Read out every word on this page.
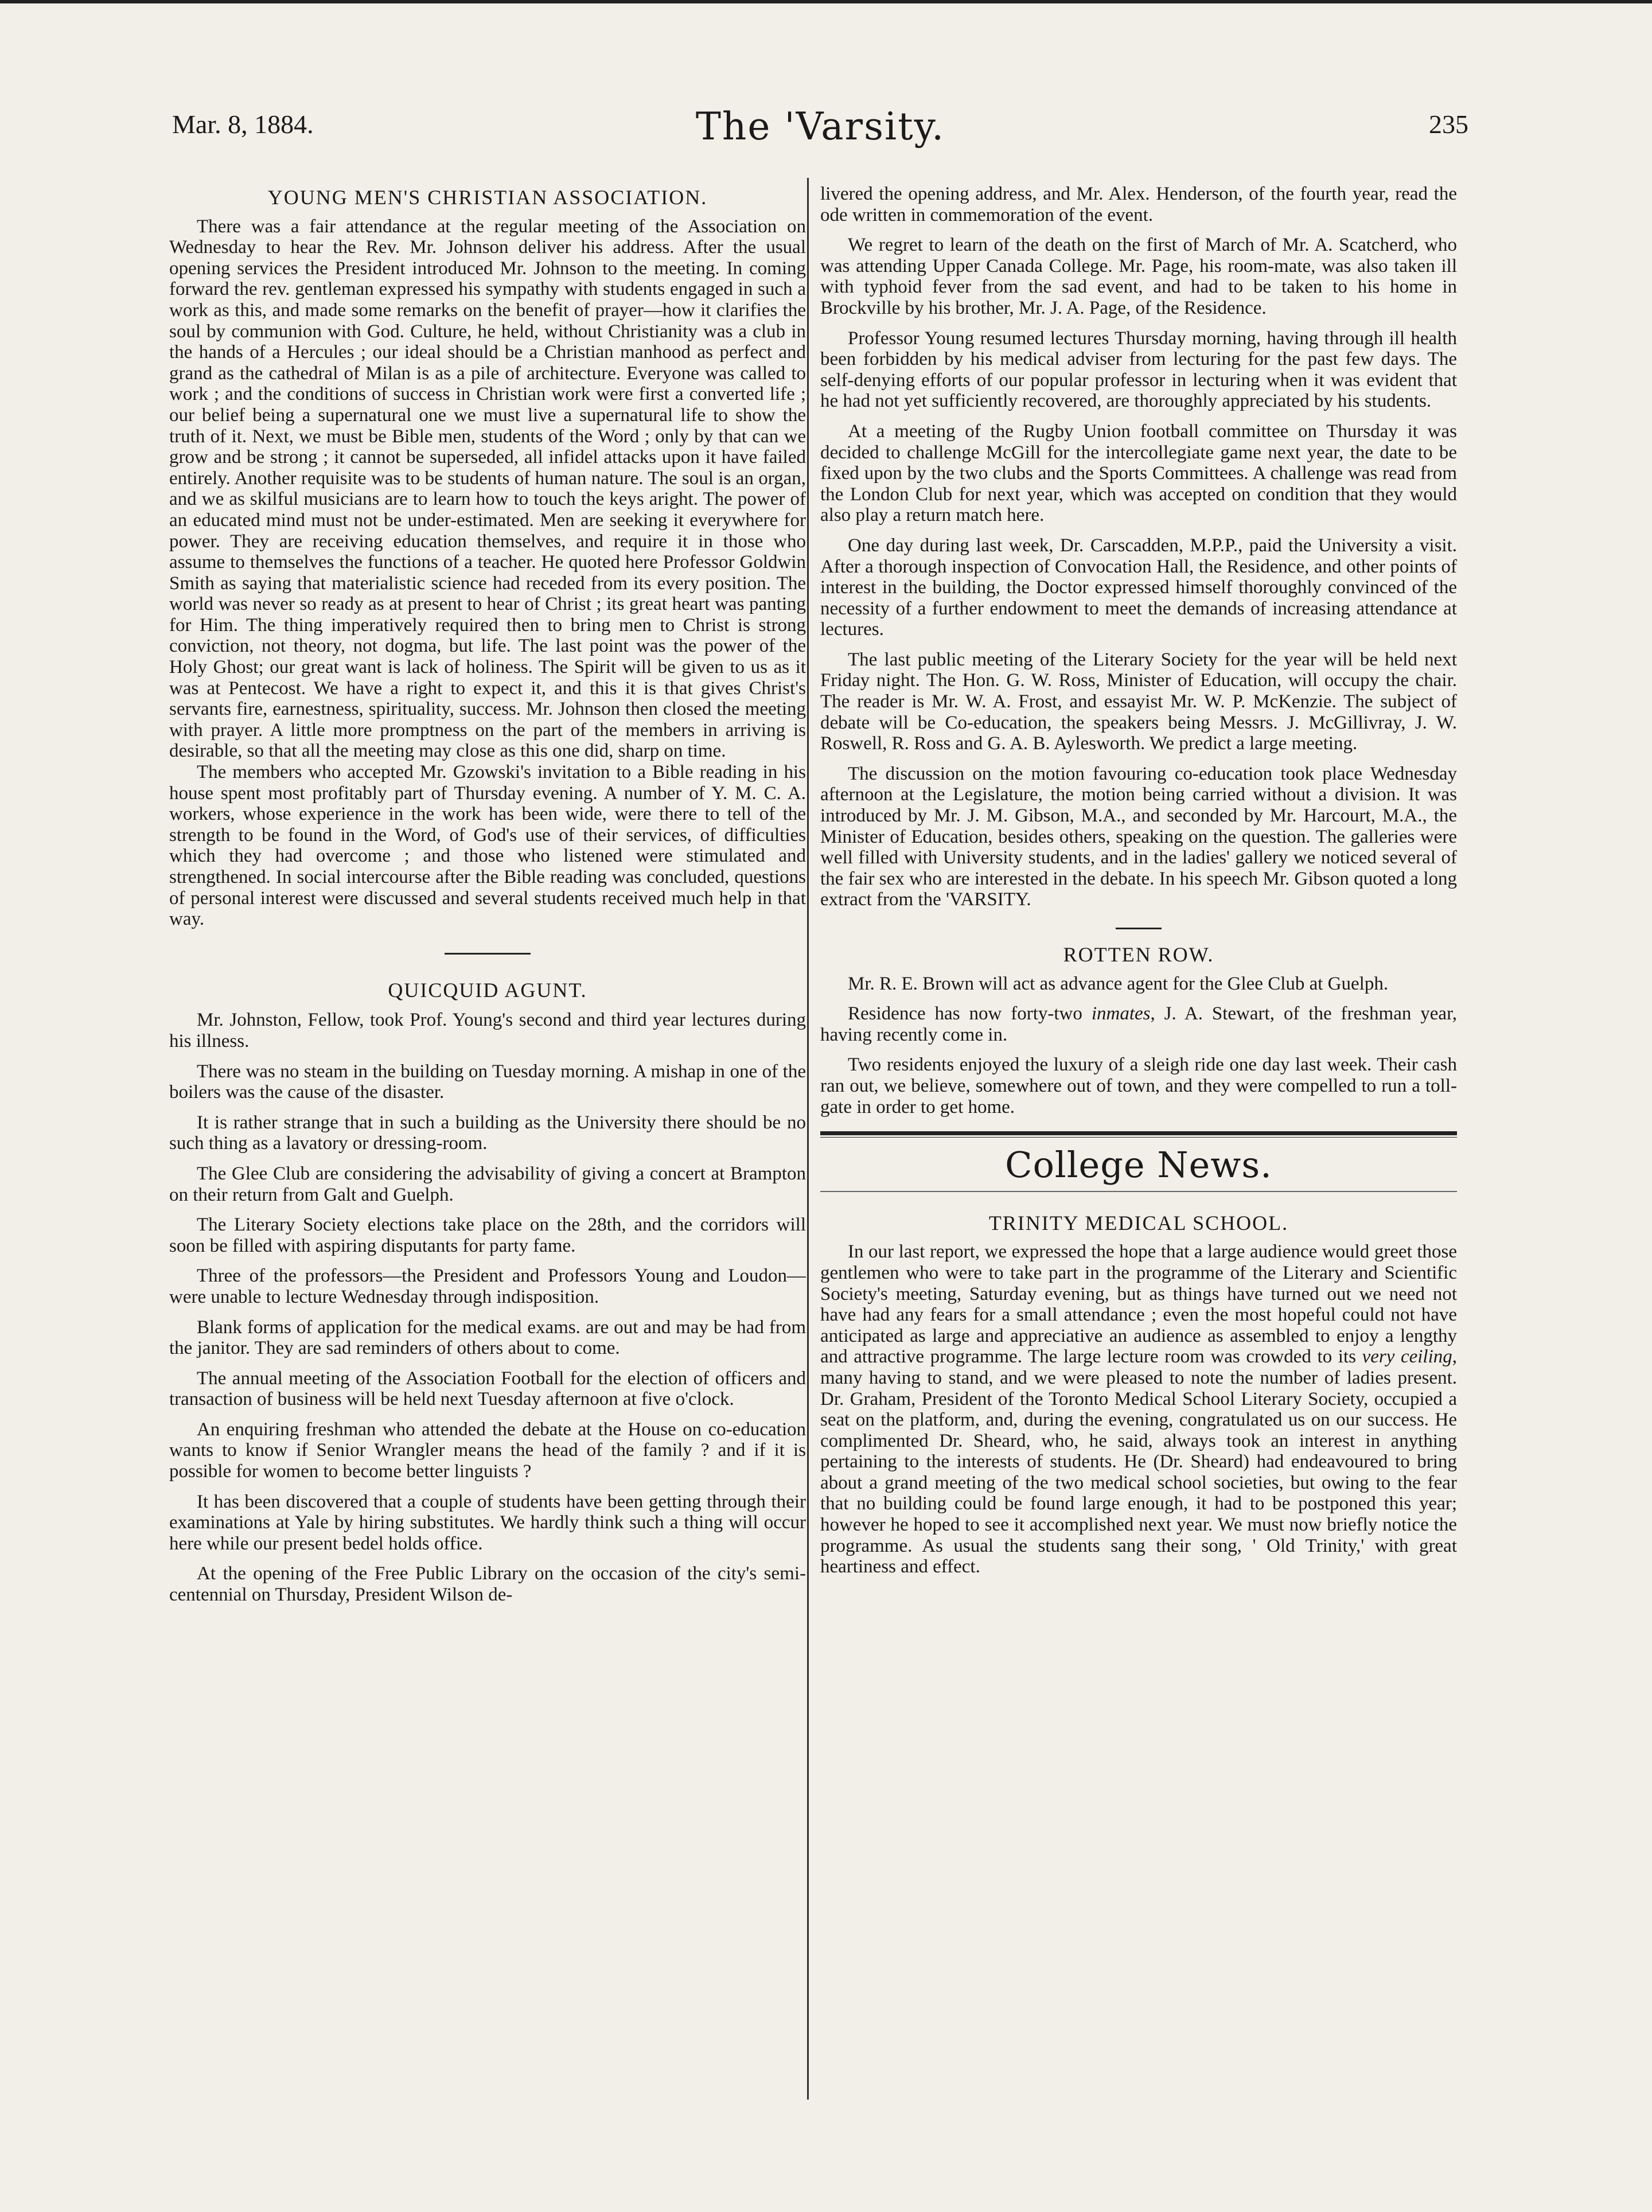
Mar. 8, 1884.	The 'Varsity.	235
YOUNG MEN'S CHRISTIAN ASSOCIATION.

There was a fair attendance at the regular meeting of the Association on Wednesday to hear the Rev. Mr. Johnson deliver his address. After the usual opening services the President introduced Mr. Johnson to the meeting. In coming forward the rev. gentleman expressed his sympathy with students engaged in such a work as this, and made some remarks on the benefit of prayer—how it clarifies the soul by communion with God. Culture, he held, without Christianity was a club in the hands of a Hercules ; our ideal should be a Christian manhood as perfect and grand as the cathedral of Milan is as a pile of architecture. Everyone was called to work ; and the conditions of success in Christian work were first a converted life ; our belief being a supernatural one we must live a supernatural life to show the truth of it. Next, we must be Bible men, students of the Word ; only by that can we grow and be strong ; it cannot be superseded, all infidel attacks upon it have failed entirely. Another requisite was to be students of human nature. The soul is an organ, and we as skilful musicians are to learn how to touch the keys aright. The power of an educated mind must not be under-estimated. Men are seeking it everywhere for power. They are receiving education themselves, and require it in those who assume to themselves the functions of a teacher. He quoted here Professor Goldwin Smith as saying that materialistic science had receded from its every position. The world was never so ready as at present to hear of Christ ; its great heart was panting for Him. The thing imperatively required then to bring men to Christ is strong conviction, not theory, not dogma, but life. The last point was the power of the Holy Ghost; our great want is lack of holiness. The Spirit will be given to us as it was at Pentecost. We have a right to expect it, and this it is that gives Christ's servants fire, earnestness, spirituality, success. Mr. Johnson then closed the meeting with prayer. A little more promptness on the part of the members in arriving is desirable, so that all the meeting may close as this one did, sharp on time.

The members who accepted Mr. Gzowski's invitation to a Bible reading in his house spent most profitably part of Thursday evening. A number of Y. M. C. A. workers, whose experience in the work has been wide, were there to tell of the strength to be found in the Word, of God's use of their services, of difficulties which they had overcome ; and those who listened were stimulated and strengthened. In social intercourse after the Bible reading was concluded, questions of personal interest were discussed and several students received much help in that way.

QUICQUID AGUNT.

Mr. Johnston, Fellow, took Prof. Young's second and third year lectures during his illness.

There was no steam in the building on Tuesday morning. A mishap in one of the boilers was the cause of the disaster.

It is rather strange that in such a building as the University there should be no such thing as a lavatory or dressing-room.

The Glee Club are considering the advisability of giving a concert at Brampton on their return from Galt and Guelph.

The Literary Society elections take place on the 28th, and the corridors will soon be filled with aspiring disputants for party fame.

Three of the professors—the President and Professors Young and Loudon—were unable to lecture Wednesday through indisposition.

Blank forms of application for the medical exams. are out and may be had from the janitor. They are sad reminders of others about to come.

The annual meeting of the Association Football for the election of officers and transaction of business will be held next Tuesday afternoon at five o'clock.

An enquiring freshman who attended the debate at the House on co-education wants to know if Senior Wrangler means the head of the family ? and if it is possible for women to become better linguists ?

It has been discovered that a couple of students have been getting through their examinations at Yale by hiring substitutes. We hardly think such a thing will occur here while our present bedel holds office.

At the opening of the Free Public Library on the occasion of the city's semi-centennial on Thursday, President Wilson de-

livered the opening address, and Mr. Alex. Henderson, of the fourth year, read the ode written in commemoration of the event.

We regret to learn of the death on the first of March of Mr. A. Scatcherd, who was attending Upper Canada College. Mr. Page, his room-mate, was also taken ill with typhoid fever from the sad event, and had to be taken to his home in Brockville by his brother, Mr. J. A. Page, of the Residence.

Professor Young resumed lectures Thursday morning, having through ill health been forbidden by his medical adviser from lecturing for the past few days. The self-denying efforts of our popular professor in lecturing when it was evident that he had not yet sufficiently recovered, are thoroughly appreciated by his students.

At a meeting of the Rugby Union football committee on Thursday it was decided to challenge McGill for the intercollegiate game next year, the date to be fixed upon by the two clubs and the Sports Committees. A challenge was read from the London Club for next year, which was accepted on condition that they would also play a return match here.

One day during last week, Dr. Carscadden, M.P.P., paid the University a visit. After a thorough inspection of Convocation Hall, the Residence, and other points of interest in the building, the Doctor expressed himself thoroughly convinced of the necessity of a further endowment to meet the demands of increasing attendance at lectures.

The last public meeting of the Literary Society for the year will be held next Friday night. The Hon. G. W. Ross, Minister of Education, will occupy the chair. The reader is Mr. W. A. Frost, and essayist Mr. W. P. McKenzie. The subject of debate will be Co-education, the speakers being Messrs. J. McGillivray, J. W. Roswell, R. Ross and G. A. B. Aylesworth. We predict a large meeting.

The discussion on the motion favouring co-education took place Wednesday afternoon at the Legislature, the motion being carried without a division. It was introduced by Mr. J. M. Gibson, M.A., and seconded by Mr. Harcourt, M.A., the Minister of Education, besides others, speaking on the question. The galleries were well filled with University students, and in the ladies' gallery we noticed several of the fair sex who are interested in the debate. In his speech Mr. Gibson quoted a long extract from the 'VARSITY.

ROTTEN ROW.

Mr. R. E. Brown will act as advance agent for the Glee Club at Guelph.

Residence has now forty-two inmates, J. A. Stewart, of the freshman year, having recently come in.

Two residents enjoyed the luxury of a sleigh ride one day last week. Their cash ran out, we believe, somewhere out of town, and they were compelled to run a toll-gate in order to get home.

College News.
TRINITY MEDICAL SCHOOL.

In our last report, we expressed the hope that a large audience would greet those gentlemen who were to take part in the programme of the Literary and Scientific Society's meeting, Saturday evening, but as things have turned out we need not have had any fears for a small attendance ; even the most hopeful could not have anticipated as large and appreciative an audience as assembled to enjoy a lengthy and attractive programme. The large lecture room was crowded to its very ceiling, many having to stand, and we were pleased to note the number of ladies present. Dr. Graham, President of the Toronto Medical School Literary Society, occupied a seat on the platform, and, during the evening, congratulated us on our success. He complimented Dr. Sheard, who, he said, always took an interest in anything pertaining to the interests of students. He (Dr. Sheard) had endeavoured to bring about a grand meeting of the two medical school societies, but owing to the fear that no building could be found large enough, it had to be postponed this year; however he hoped to see it accomplished next year. We must now briefly notice the programme. As usual the students sang their song, ' Old Trinity,' with great heartiness and effect.
